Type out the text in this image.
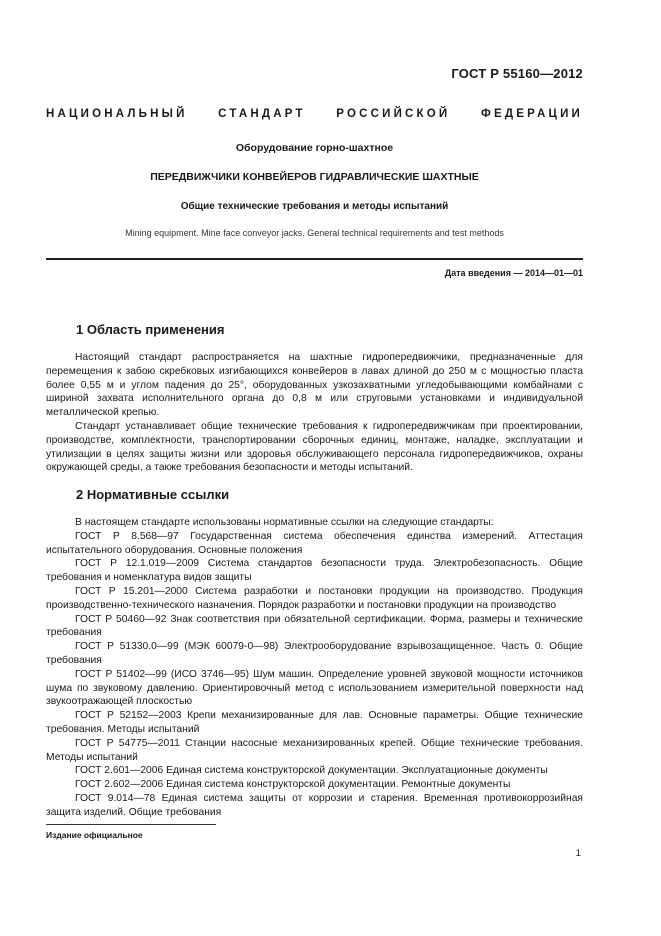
ГОСТ Р 55160—2012
НАЦИОНАЛЬНЫЙ	СТАНДАРТ	РОССИЙСКОЙ	ФЕДЕРАЦИИ
Оборудование горно-шахтное
ПЕРЕДВИЖЧИКИ КОНВЕЙЕРОВ ГИДРАВЛИЧЕСКИЕ ШАХТНЫЕ
Общие технические требования и методы испытаний
Mining equipment. Mine face conveyor jacks. General technical requirements and test methods
Дата введения — 2014—01—01
1 Область применения

Настоящий стандарт распространяется на шахтные гидропередвижчики, предназначенные для перемещения к забою скребковых изгибающихся конвейеров в лавах длиной до 250 м с мощностью пласта более 0,55 м и углом падения до 25°, оборудованных узкозахватными угледобывающими комбайнами с шириной захвата исполнительного органа до 0,8 м или струговыми установками и индивидуальной металлической крепью.

Стандарт устанавливает общие технические требования к гидропередвижчикам при проектировании, производстве, комплектности, транспортировании сборочных единиц, монтаже, наладке, эксплуатации и утилизации в целях защиты жизни или здоровья обслуживающего персонала гидропередвижчиков, охраны окружающей среды, а также требования безопасности и методы испытаний.

2 Нормативные ссылки

В настоящем стандарте использованы нормативные ссылки на следующие стандарты:

ГОСТ Р 8.568—97 Государственная система обеспечения единства измерений. Аттестация испытательного оборудования. Основные положения

ГОСТ Р 12.1.019—2009 Система стандартов безопасности труда. Электробезопасность. Общие требования и номенклатура видов защиты

ГОСТ Р 15.201—2000 Система разработки и постановки продукции на производство. Продукция производственно-технического назначения. Порядок разработки и постановки продукции на производство

ГОСТ Р 50460—92 Знак соответствия при обязательной сертификации. Форма, размеры и технические требования

ГОСТ Р 51330.0—99 (МЭК 60079-0—98) Электрооборудование взрывозащищенное. Часть 0. Общие требования

ГОСТ Р 51402—99 (ИСО 3746—95) Шум машин. Определение уровней звуковой мощности источников шума по звуковому давлению. Ориентировочный метод с использованием измерительной поверхности над звукоотражающей плоскостью

ГОСТ Р 52152—2003 Крепи механизированные для лав. Основные параметры. Общие технические требования. Методы испытаний

ГОСТ Р 54775—2011 Станции насосные механизированных крепей. Общие технические требования. Методы испытаний

ГОСТ 2.601—2006 Единая система конструкторской документации. Эксплуатационные документы

ГОСТ 2.602—2006 Единая система конструкторской документации. Ремонтные документы

ГОСТ 9.014—78 Единая система защиты от коррозии и старения. Временная противокоррозийная защита изделий. Общие требования

Издание официальное
1
